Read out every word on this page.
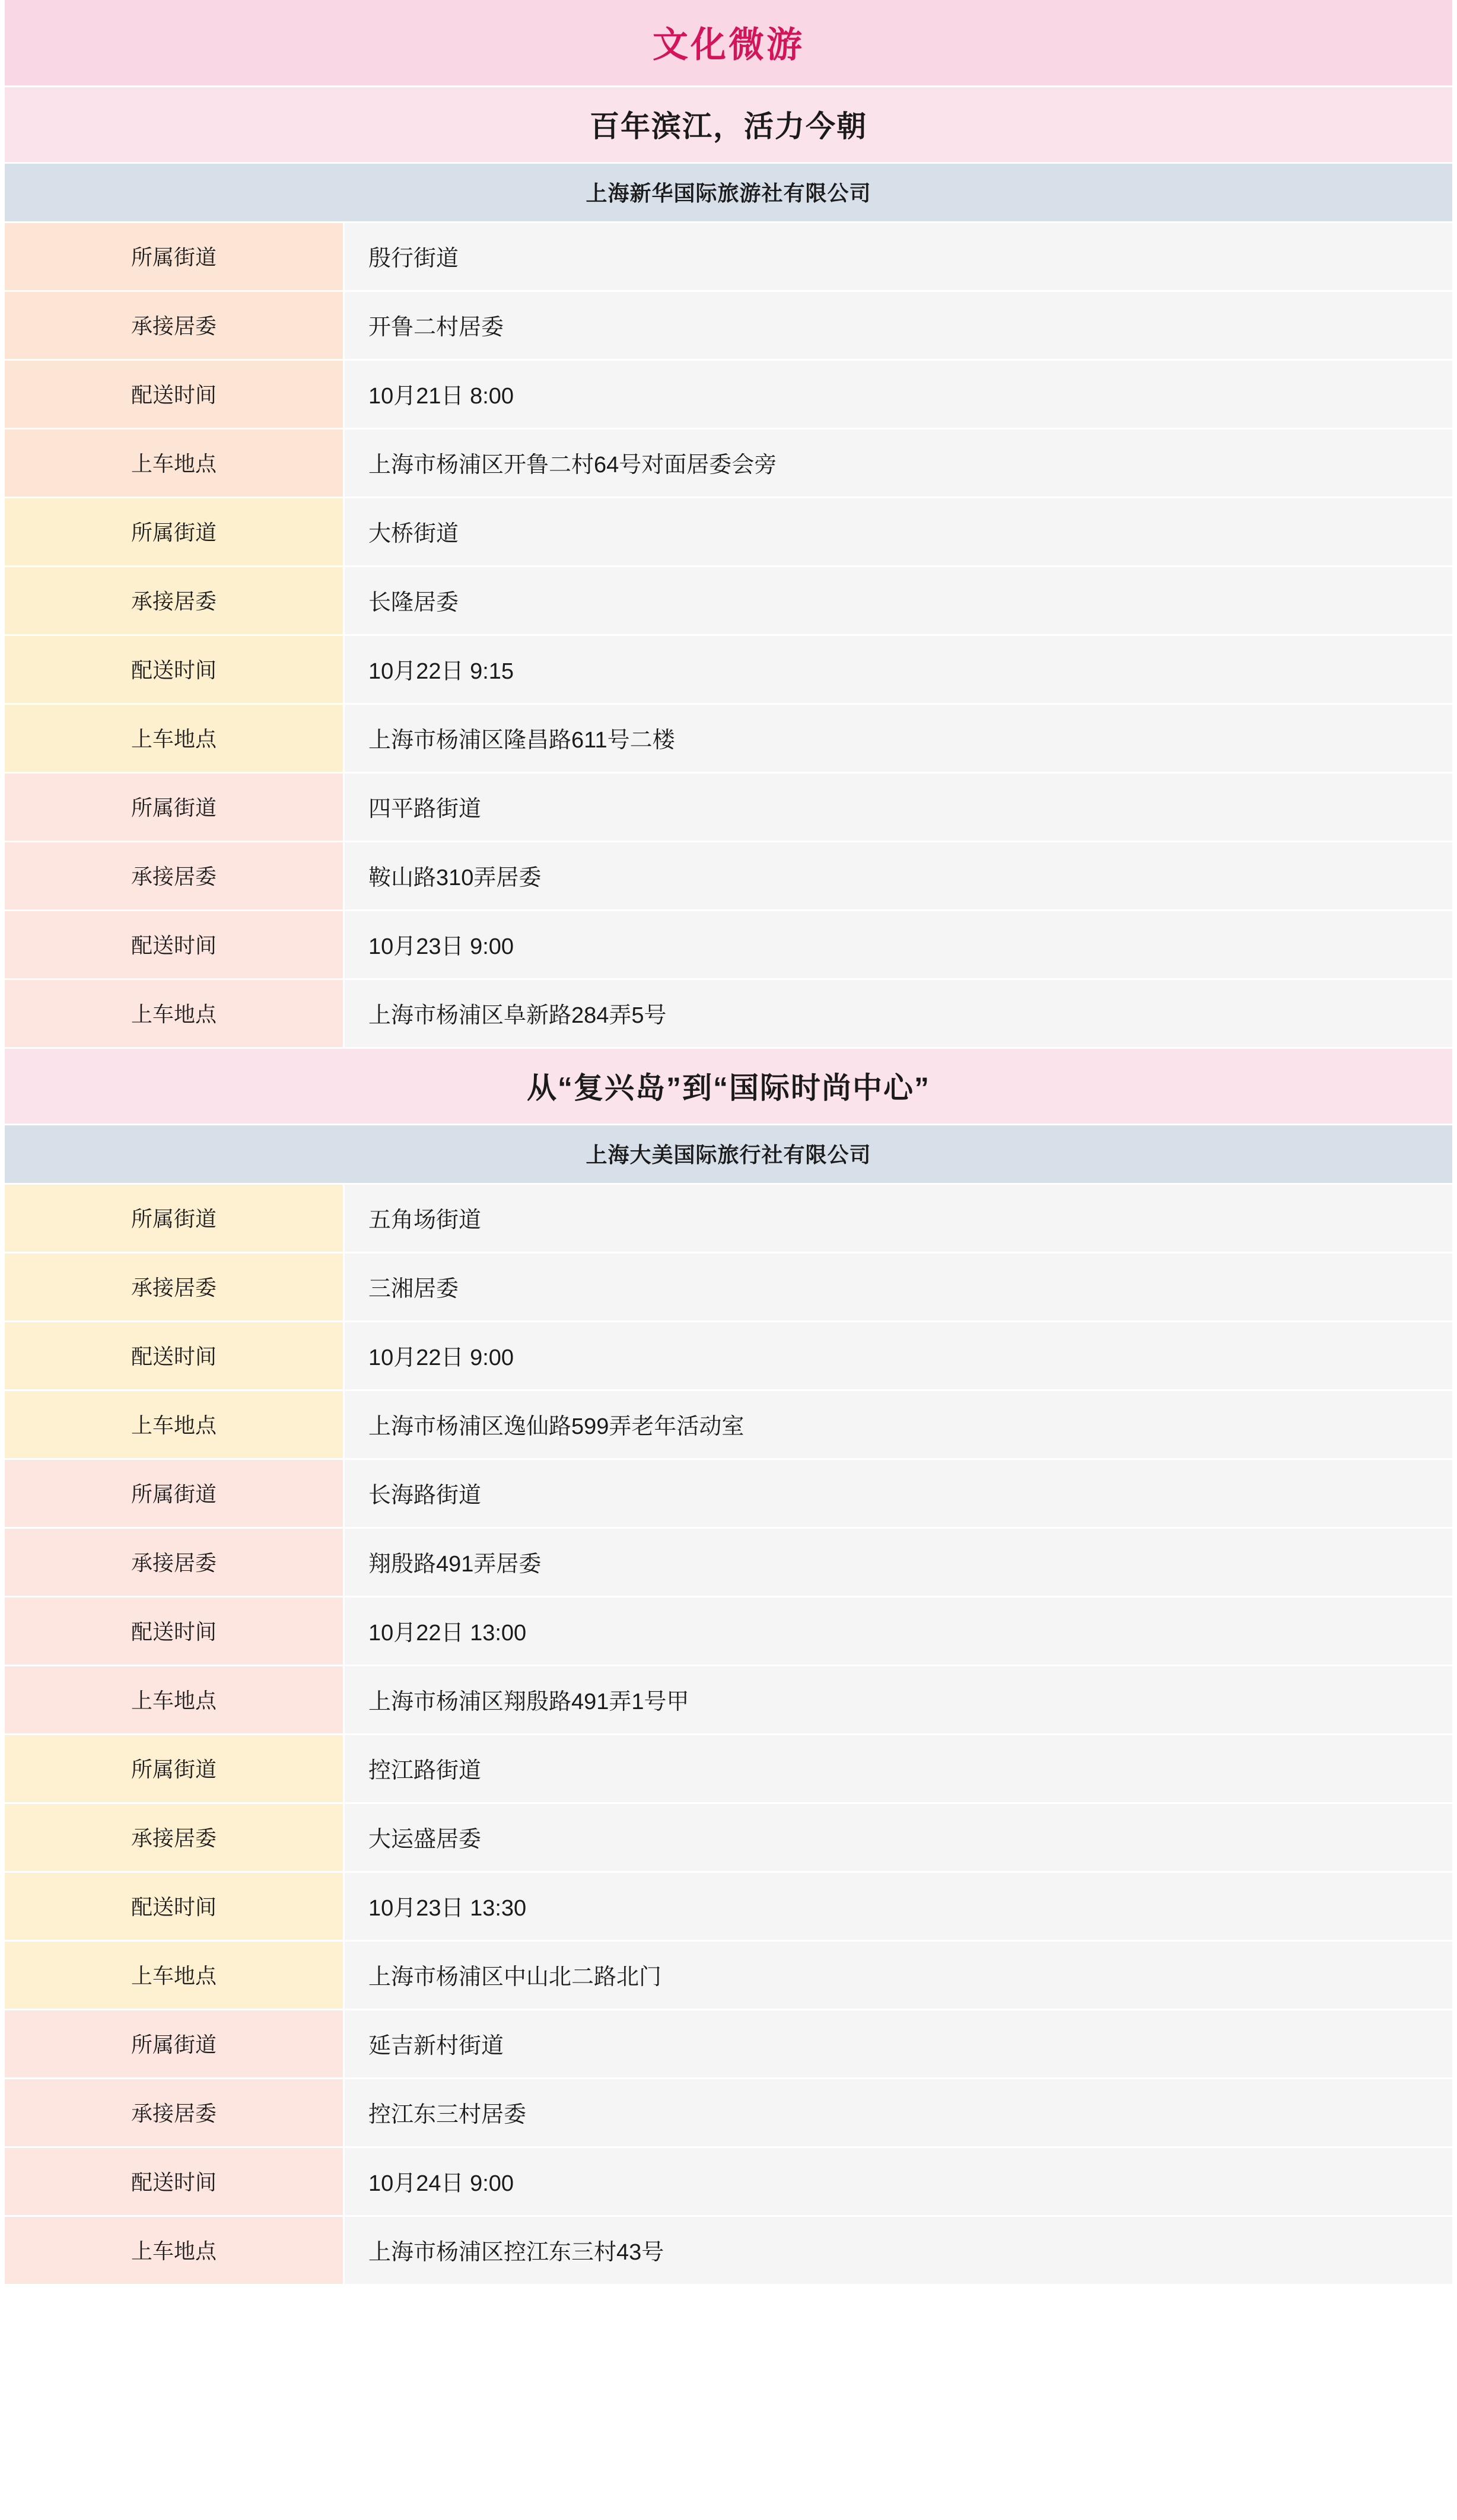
文化微游
百年滨江，活力今朝
上海新华国际旅游社有限公司
所属街道	殷行街道
承接居委	开鲁二村居委
配送时间	10月21日 8:00
上车地点	上海市杨浦区开鲁二村64号对面居委会旁
所属街道	大桥街道
承接居委	长隆居委
配送时间	10月22日 9:15
上车地点	上海市杨浦区隆昌路611号二楼
所属街道	四平路街道
承接居委	鞍山路310弄居委
配送时间	10月23日 9:00
上车地点	上海市杨浦区阜新路284弄5号
从“复兴岛”到“国际时尚中心”
上海大美国际旅行社有限公司
所属街道	五角场街道
承接居委	三湘居委
配送时间	10月22日 9:00
上车地点	上海市杨浦区逸仙路599弄老年活动室
所属街道	长海路街道
承接居委	翔殷路491弄居委
配送时间	10月22日 13:00
上车地点	上海市杨浦区翔殷路491弄1号甲
所属街道	控江路街道
承接居委	大运盛居委
配送时间	10月23日 13:30
上车地点	上海市杨浦区中山北二路北门
所属街道	延吉新村街道
承接居委	控江东三村居委
配送时间	10月24日 9:00
上车地点	上海市杨浦区控江东三村43号
